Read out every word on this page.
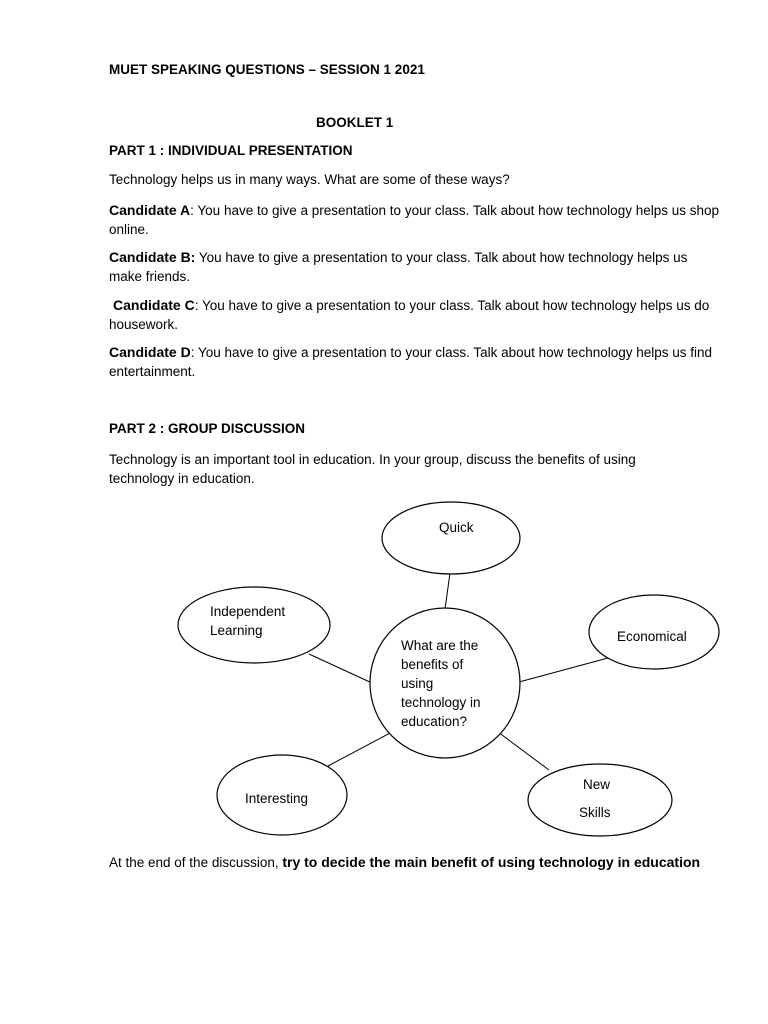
MUET SPEAKING QUESTIONS – SESSION 1 2021
BOOKLET 1
PART 1 : INDIVIDUAL PRESENTATION
Technology helps us in many ways. What are some of these ways?
Candidate A: You have to give a presentation to your class. Talk about how technology helps us shop online.
Candidate B: You have to give a presentation to your class. Talk about how technology helps us make friends.
Candidate C: You have to give a presentation to your class. Talk about how technology helps us do housework.
Candidate D: You have to give a presentation to your class. Talk about how technology helps us find entertainment.
PART 2 : GROUP DISCUSSION
Technology is an important tool in education. In your group, discuss the benefits of using technology in education.
Quick
Independent
Learning	Economical
What are the
benefits of
using
technology in
education?
Interesting
New
Skills
At the end of the discussion, try to decide the main benefit of using technology in education
